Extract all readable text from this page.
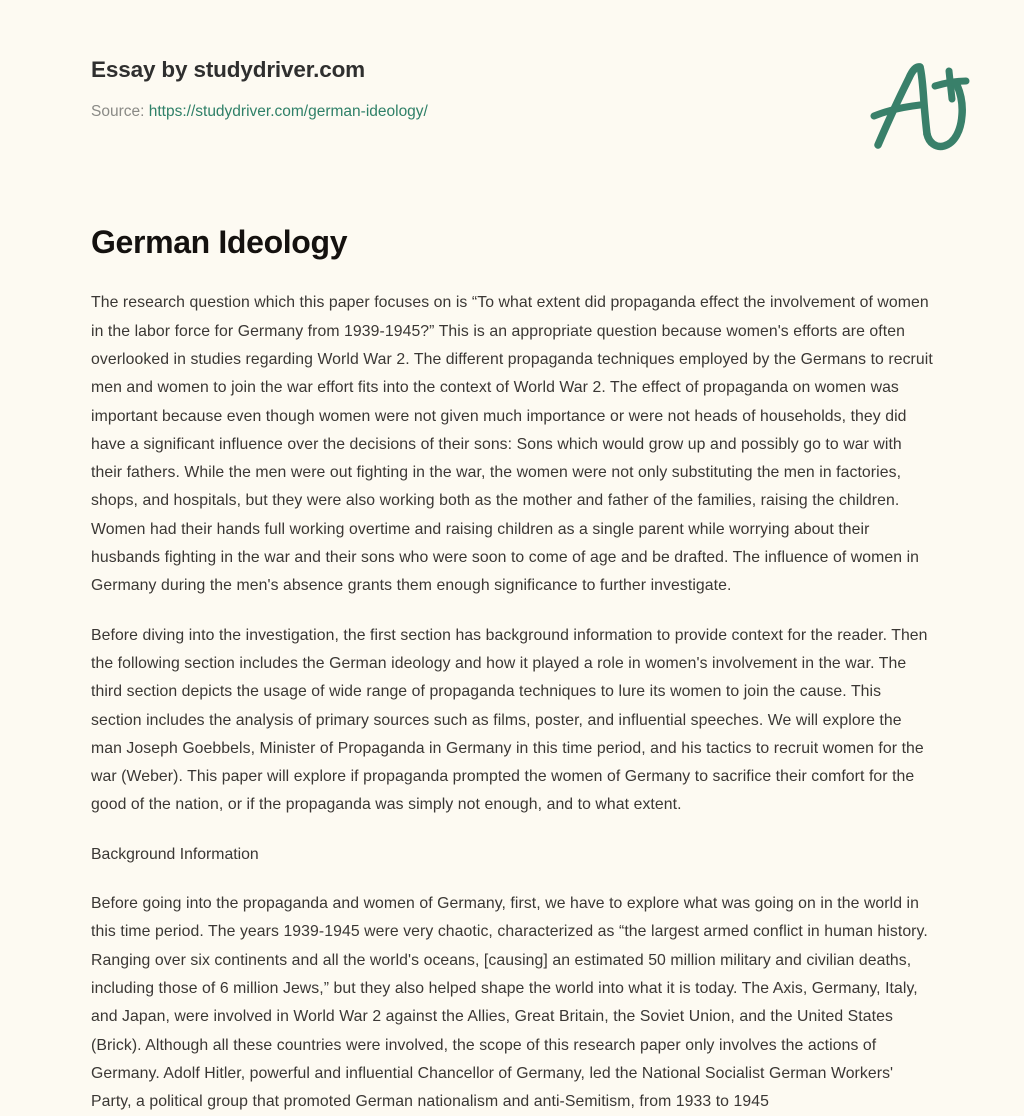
Essay by studydriver.com
Source: https://studydriver.com/german-ideology/
German Ideology

The research question which this paper focuses on is “To what extent did propaganda effect the involvement of women in the labor force for Germany from 1939-1945?” This is an appropriate question because women's efforts are often overlooked in studies regarding World War 2. The different propaganda techniques employed by the Germans to recruit men and women to join the war effort fits into the context of World War 2. The effect of propaganda on women was important because even though women were not given much importance or were not heads of households, they did have a significant influence over the decisions of their sons: Sons which would grow up and possibly go to war with their fathers. While the men were out fighting in the war, the women were not only substituting the men in factories, shops, and hospitals, but they were also working both as the mother and father of the families, raising the children. Women had their hands full working overtime and raising children as a single parent while worrying about their husbands fighting in the war and their sons who were soon to come of age and be drafted. The influence of women in Germany during the men's absence grants them enough significance to further investigate.

Before diving into the investigation, the first section has background information to provide context for the reader. Then the following section includes the German ideology and how it played a role in women's involvement in the war. The third section depicts the usage of wide range of propaganda techniques to lure its women to join the cause. This section includes the analysis of primary sources such as films, poster, and influential speeches. We will explore the man Joseph Goebbels, Minister of Propaganda in Germany in this time period, and his tactics to recruit women for the war (Weber). This paper will explore if propaganda prompted the women of Germany to sacrifice their comfort for the good of the nation, or if the propaganda was simply not enough, and to what extent.

Background Information

Before going into the propaganda and women of Germany, first, we have to explore what was going on in the world in this time period. The years 1939-1945 were very chaotic, characterized as “the largest armed conflict in human history. Ranging over six continents and all the world's oceans, [causing] an estimated 50 million military and civilian deaths, including those of 6 million Jews,” but they also helped shape the world into what it is today. The Axis, Germany, Italy, and Japan, were involved in World War 2 against the Allies, Great Britain, the Soviet Union, and the United States (Brick). Although all these countries were involved, the scope of this research paper only involves the actions of Germany. Adolf Hitler, powerful and influential Chancellor of Germany, led the National Socialist German Workers' Party, a political group that promoted German nationalism and anti-Semitism, from 1933 to 1945
